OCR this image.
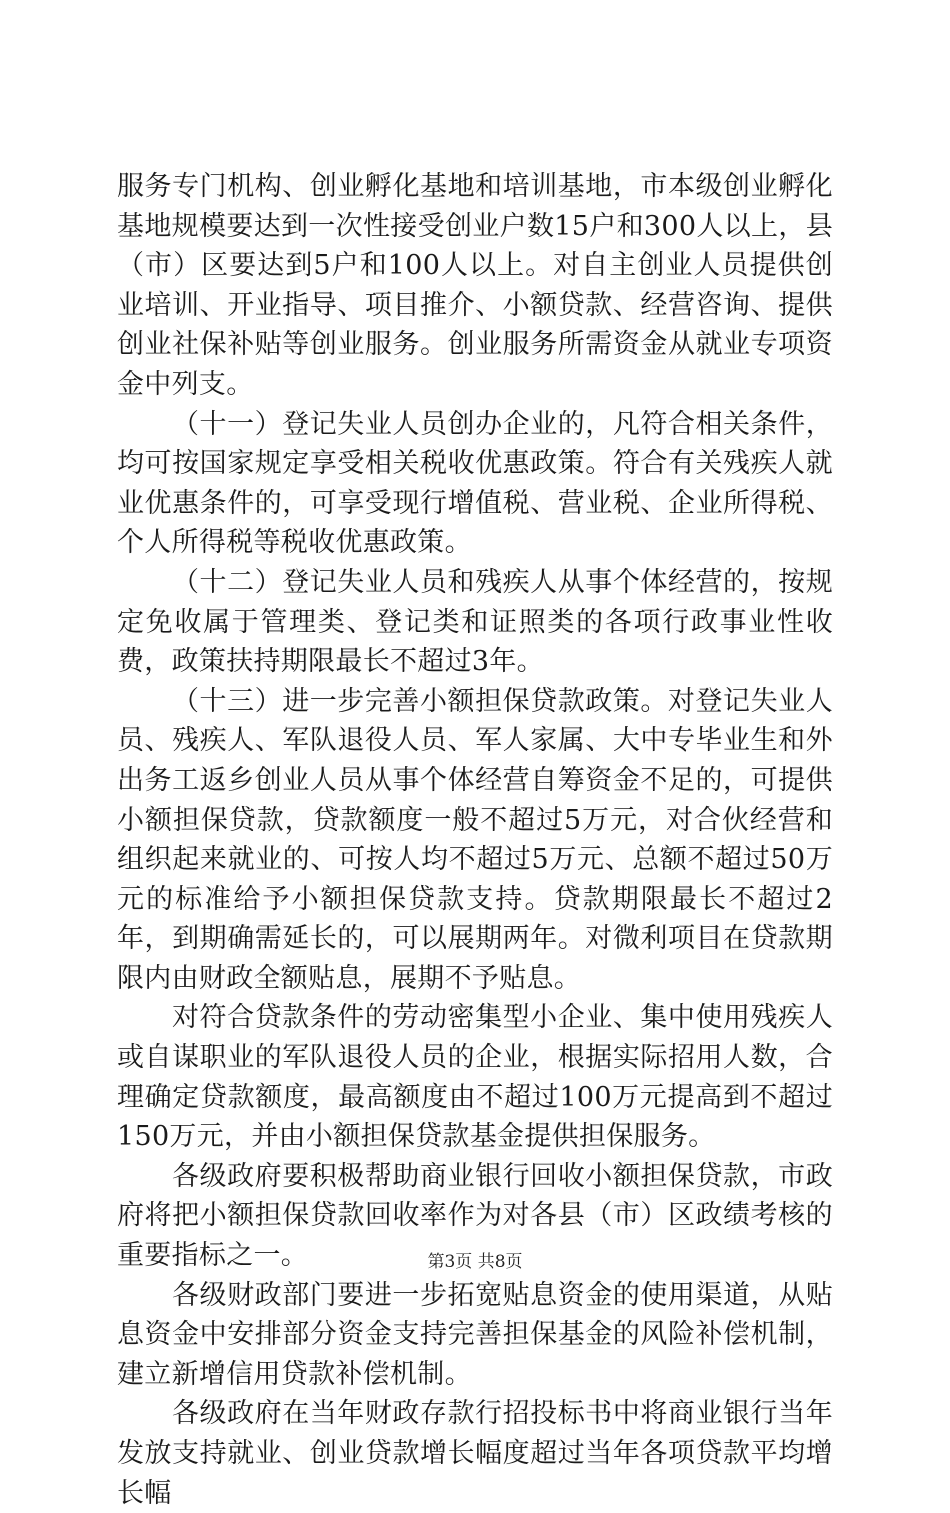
服务专门机构、创业孵化基地和培训基地，市本级创业孵化基地规模要达到一次性接受创业户数15户和300人以上，县（市）区要达到5户和100人以上。对自主创业人员提供创业培训、开业指导、项目推介、小额贷款、经营咨询、提供创业社保补贴等创业服务。创业服务所需资金从就业专项资金中列支。

（十一）登记失业人员创办企业的，凡符合相关条件，均可按国家规定享受相关税收优惠政策。符合有关残疾人就业优惠条件的，可享受现行增值税、营业税、企业所得税、个人所得税等税收优惠政策。

（十二）登记失业人员和残疾人从事个体经营的，按规定免收属于管理类、登记类和证照类的各项行政事业性收费，政策扶持期限最长不超过3年。

（十三）进一步完善小额担保贷款政策。对登记失业人员、残疾人、军队退役人员、军人家属、大中专毕业生和外出务工返乡创业人员从事个体经营自筹资金不足的，可提供小额担保贷款，贷款额度一般不超过5万元，对合伙经营和组织起来就业的、可按人均不超过5万元、总额不超过50万元的标准给予小额担保贷款支持。贷款期限最长不超过2年，到期确需延长的，可以展期两年。对微利项目在贷款期限内由财政全额贴息，展期不予贴息。

对符合贷款条件的劳动密集型小企业、集中使用残疾人或自谋职业的军队退役人员的企业，根据实际招用人数，合理确定贷款额度，最高额度由不超过100万元提高到不超过150万元，并由小额担保贷款基金提供担保服务。

各级政府要积极帮助商业银行回收小额担保贷款，市政府将把小额担保贷款回收率作为对各县（市）区政绩考核的重要指标之一。

各级财政部门要进一步拓宽贴息资金的使用渠道，从贴息资金中安排部分资金支持完善担保基金的风险补偿机制，建立新增信用贷款补偿机制。

各级政府在当年财政存款行招投标书中将商业银行当年发放支持就业、创业贷款增长幅度超过当年各项贷款平均增长幅

第3页 共8页
